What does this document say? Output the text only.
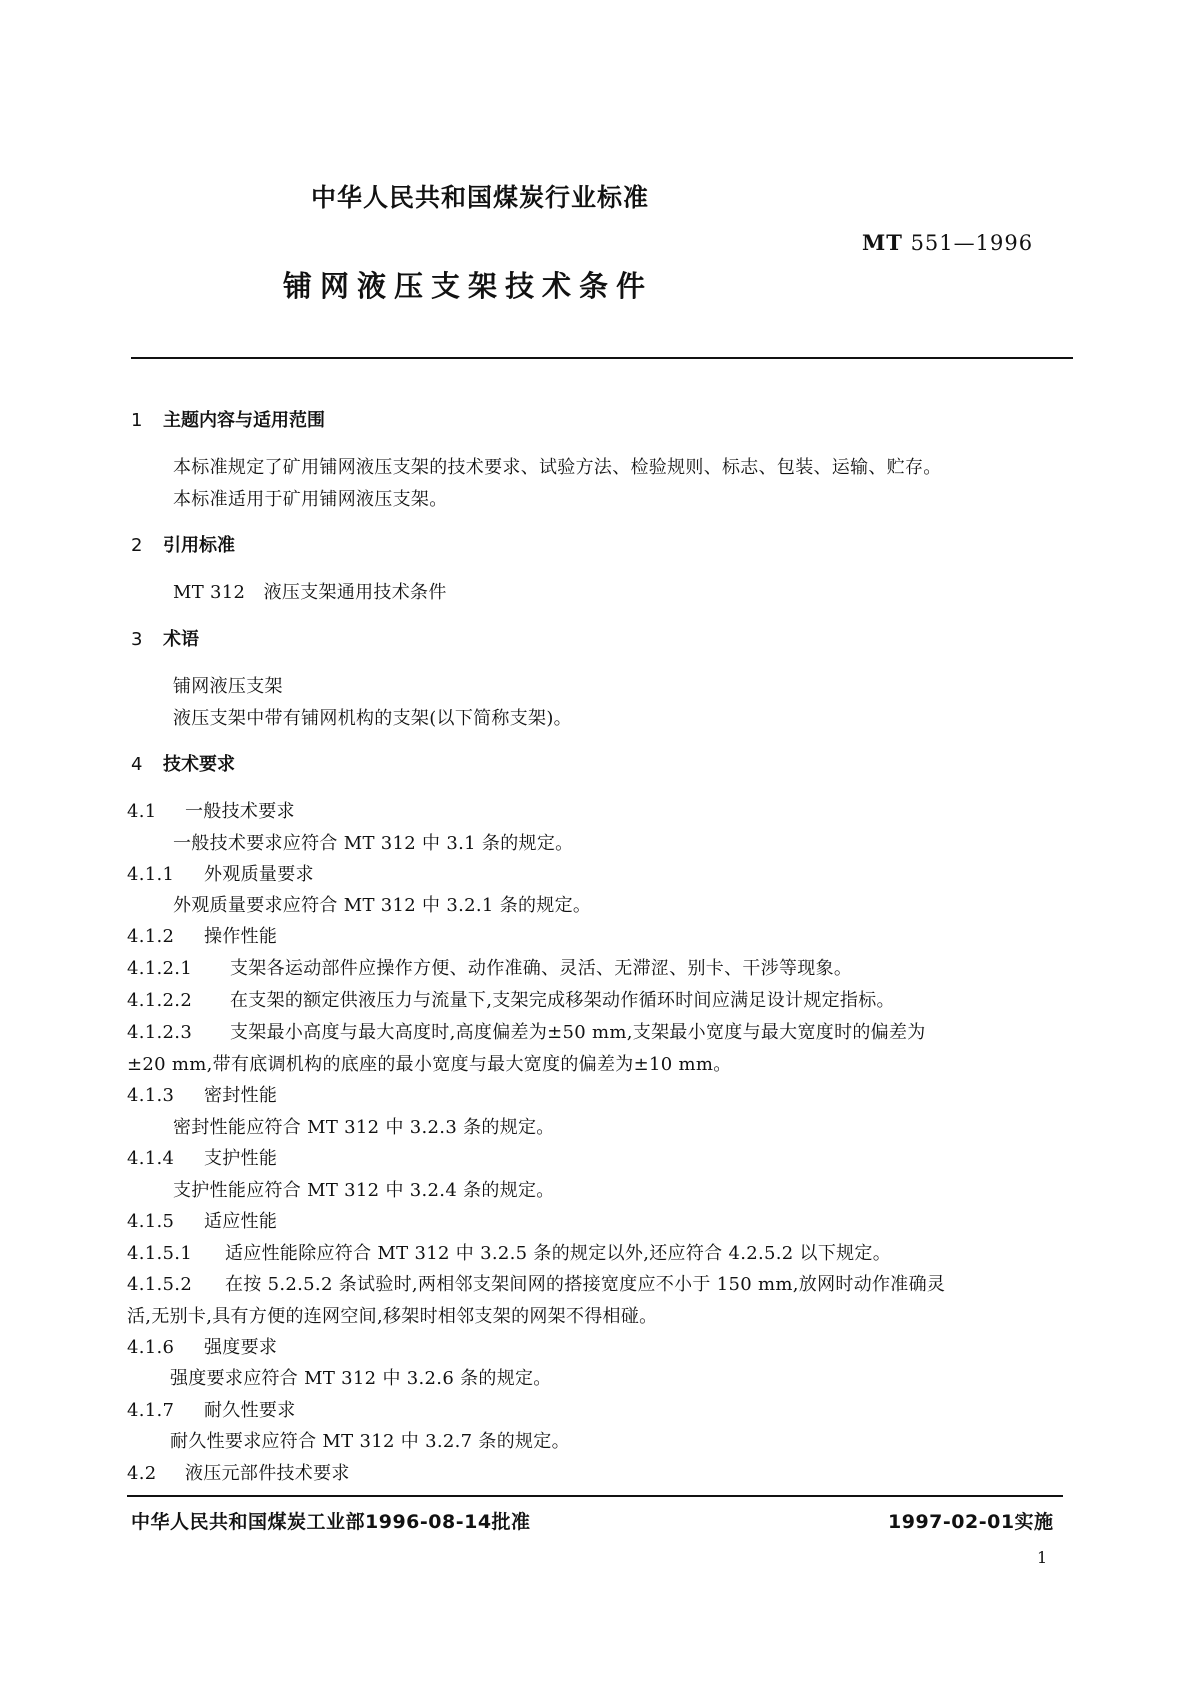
中华人民共和国煤炭行业标准
MT 551—1996
铺网液压支架技术条件
1 主题内容与适用范围
本标准规定了矿用铺网液压支架的技术要求、试验方法、检验规则、标志、包装、运输、贮存。
本标准适用于矿用铺网液压支架。
2 引用标准
MT 312　液压支架通用技术条件
3 术语
铺网液压支架
液压支架中带有铺网机构的支架(以下简称支架)。
4 技术要求
4.1 一般技术要求
一般技术要求应符合 MT 312 中 3.1 条的规定。
4.1.1 外观质量要求
外观质量要求应符合 MT 312 中 3.2.1 条的规定。
4.1.2 操作性能
4.1.2.1 支架各运动部件应操作方便、动作准确、灵活、无滞涩、别卡、干涉等现象。
4.1.2.2 在支架的额定供液压力与流量下,支架完成移架动作循环时间应满足设计规定指标。
4.1.2.3 支架最小高度与最大高度时,高度偏差为±50 mm,支架最小宽度与最大宽度时的偏差为
±20 mm,带有底调机构的底座的最小宽度与最大宽度的偏差为±10 mm。
4.1.3 密封性能
密封性能应符合 MT 312 中 3.2.3 条的规定。
4.1.4 支护性能
支护性能应符合 MT 312 中 3.2.4 条的规定。
4.1.5 适应性能
4.1.5.1 适应性能除应符合 MT 312 中 3.2.5 条的规定以外,还应符合 4.2.5.2 以下规定。
4.1.5.2 在按 5.2.5.2 条试验时,两相邻支架间网的搭接宽度应不小于 150 mm,放网时动作准确灵
活,无别卡,具有方便的连网空间,移架时相邻支架的网架不得相碰。
4.1.6 强度要求
强度要求应符合 MT 312 中 3.2.6 条的规定。
4.1.7 耐久性要求
耐久性要求应符合 MT 312 中 3.2.7 条的规定。
4.2 液压元部件技术要求
中华人民共和国煤炭工业部1996-08-14批准	1997-02-01实施
1
